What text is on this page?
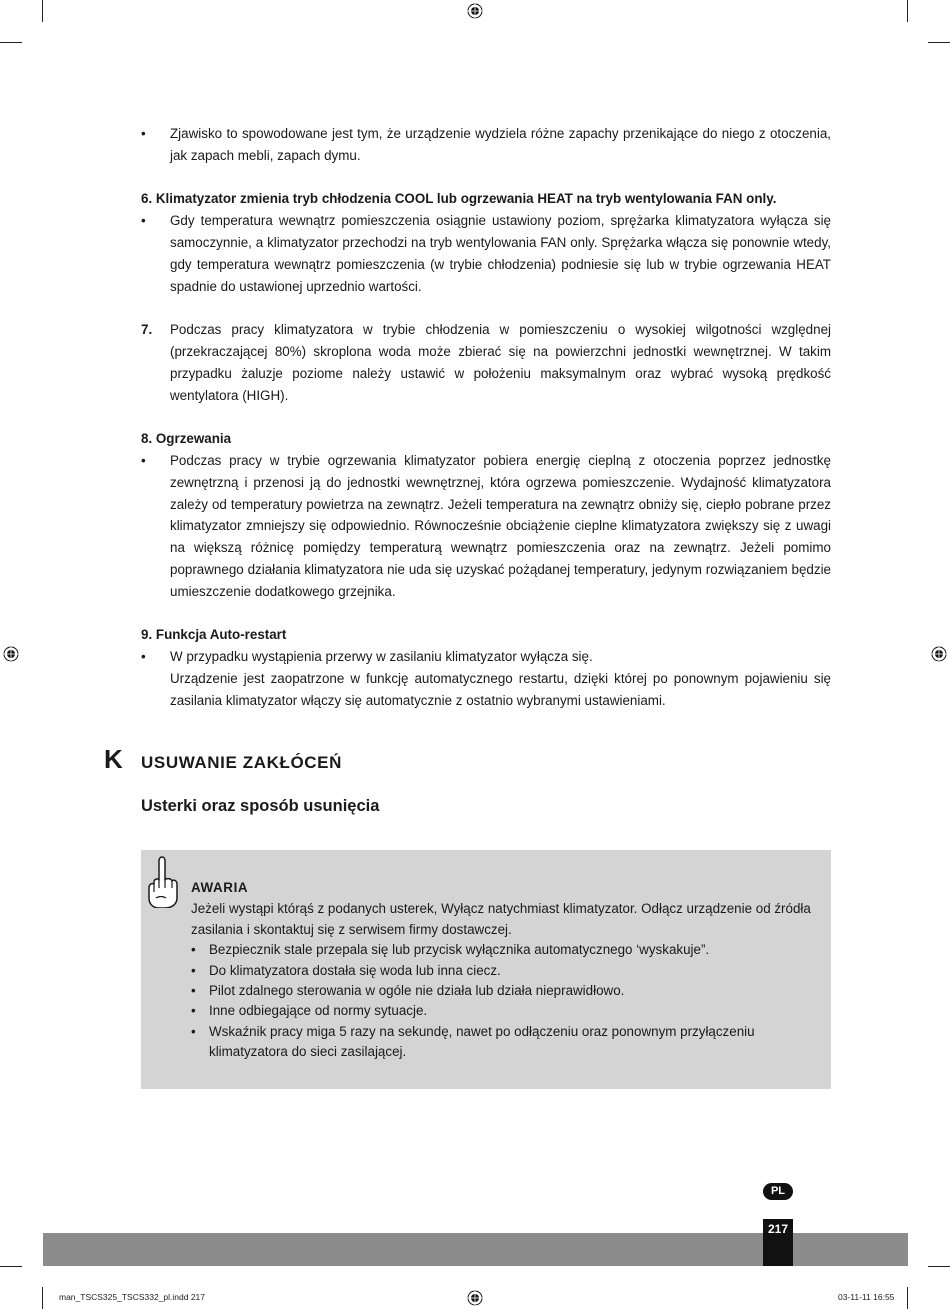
• Zjawisko to spowodowane jest tym, że urządzenie wydziela różne zapachy przenikające do niego z otoczenia, jak zapach mebli, zapach dymu.
6. Klimatyzator zmienia tryb chłodzenia COOL lub ogrzewania HEAT na tryb wentylowania FAN only.
• Gdy temperatura wewnątrz pomieszczenia osiągnie ustawiony poziom, sprężarka klimatyzatora wyłącza się samoczynnie, a klimatyzator przechodzi na tryb wentylowania FAN only. Sprężarka włącza się ponownie wtedy, gdy temperatura wewnątrz pomieszczenia (w trybie chłodzenia) podniesie się lub w trybie ogrzewania HEAT spadnie do ustawionej uprzednio wartości.
7. Podczas pracy klimatyzatora w trybie chłodzenia w pomieszczeniu o wysokiej wilgotności względnej (przekraczającej 80%) skroplona woda może zbierać się na powierzchni jednostki wewnętrznej. W takim przypadku żaluzje poziome należy ustawić w położeniu maksymalnym oraz wybrać wysoką prędkość wentylatora (HIGH).
8. Ogrzewania
• Podczas pracy w trybie ogrzewania klimatyzator pobiera energię cieplną z otoczenia poprzez jednostkę zewnętrzną i przenosi ją do jednostki wewnętrznej, która ogrzewa pomieszczenie. Wydajność klimatyzatora zależy od temperatury powietrza na zewnątrz. Jeżeli temperatura na zewnątrz obniży się, ciepło pobrane przez klimatyzator zmniejszy się odpowiednio. Równocześnie obciążenie cieplne klimatyzatora zwiększy się z uwagi na większą różnicę pomiędzy temperaturą wewnątrz pomieszczenia oraz na zewnątrz. Jeżeli pomimo poprawnego działania klimatyzatora nie uda się uzyskać pożądanej temperatury, jedynym rozwiązaniem będzie umieszczenie dodatkowego grzejnika.
9. Funkcja Auto-restart
• W przypadku wystąpienia przerwy w zasilaniu klimatyzator wyłącza się.
Urządzenie jest zaopatrzone w funkcję automatycznego restartu, dzięki której po ponownym pojawieniu się zasilania klimatyzator włączy się automatycznie z ostatnio wybranymi ustawieniami.
K USUWANIE ZAKŁÓCEŃ
Usterki oraz sposób usunięcia
AWARIA
Jeżeli wystąpi którąś z podanych usterek, Wyłącz natychmiast klimatyzator. Odłącz urządzenie od źródła zasilania i skontaktuj się z serwisem firmy dostawczej.
• Bezpiecznik stale przepala się lub przycisk wyłącznika automatycznego ‘wyskakuje”.
• Do klimatyzatora dostała się woda lub inna ciecz.
• Pilot zdalnego sterowania w ogóle nie działa lub działa nieprawidłowo.
• Inne odbiegające od normy sytuacje.
• Wskaźnik pracy miga 5 razy na sekundę, nawet po odłączeniu oraz ponownym przyłączeniu klimatyzatora do sieci zasilającej.
PL
217
man_TSCS325_TSCS332_pl.indd 217	03-11-11 16:55
